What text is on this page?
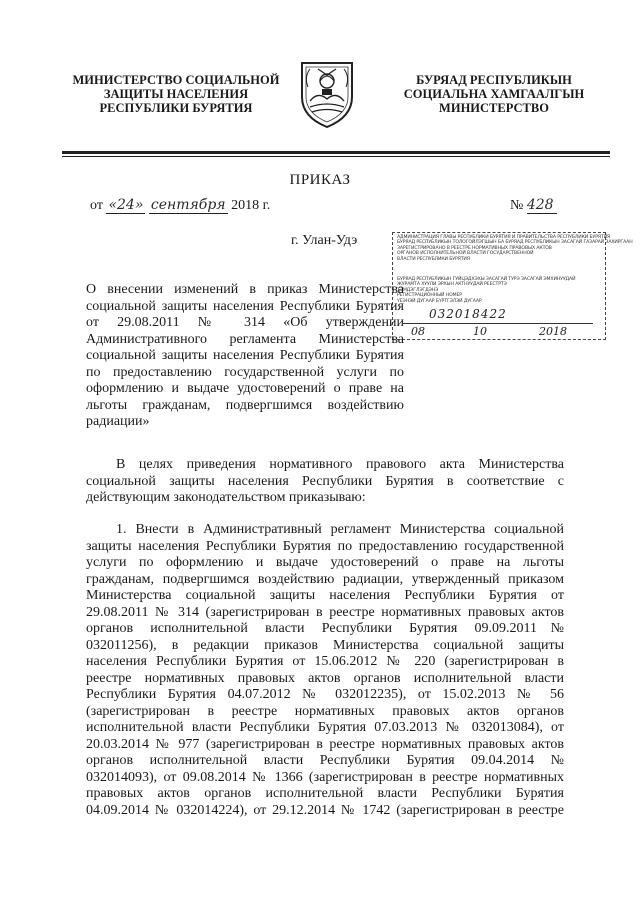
МИНИСТЕРСТВО СОЦИАЛЬНОЙ
ЗАЩИТЫ НАСЕЛЕНИЯ
РЕСПУБЛИКИ БУРЯТИЯ
БУРЯАД РЕСПУБЛИКЫН
СОЦИАЛЬНА ХАМГААЛГЫН
МИНИСТЕРСТВО
ПРИКАЗ
от «24» сентября 2018 г.	№ 428
г. Улан-Удэ	АДМИНИСТРАЦИЯ ГЛАВЫ РЕСПУБЛИКИ БУРЯТИЯ И ПРАВИТЕЛЬСТВА РЕСПУБЛИКИ БУРЯТИЯ
БУРЯАД РЕСПУБЛИКЫН ТОЛОГОЙЛЭГШЫН БА БУРЯАД РЕСПУБЛИКЫН ЗАСАГАЙ ГАЗАРАЙ ЗАХИРГААН
ЗАРЕГИСТРИРОВАНО В РЕЕСТРЕ НОРМАТИВНЫХ ПРАВОВЫХ АКТОВ
ОРГАНОВ ИСПОЛНИТЕЛЬНОЙ ВЛАСТИ ГОСУДАРСТВЕННОЙ
ВЛАСТИ РЕСПУБЛИКИ БУРЯТИЯ
БУРЯАД РЕСПУБЛИКЫН ГУЙЦЭДХЭХЫ ЗАСАГАЙ ТУРЭ ЗАСАГАЙ ЭМХИНУУДАЙ
ЖУРАМТА ХУУЛИ ЭРХЫН АКТНУУДАЙ РЕЕСТРТЭ
ТЭМДЭГЛЭГДЭНЭ
РЕГИСТРАЦИОННЫЙ НОМЕР
ҮЕЭНЭЙ ДУГААР БҮРТГЭЛЭЙ ДУГААР
032018422
08	10	2018
О внесении изменений в приказ Министерства
социальной защиты населения Республики Бурятия
от 29.08.2011 № 314 «Об утверждении
Административного регламента Министерства
социальной защиты населения Республики Бурятия
по предоставлению государственной услуги по
оформлению и выдаче удостоверений о праве на
льготы гражданам, подвергшимся воздействию
радиации»
В целях приведения нормативного правового акта Министерства
социальной защиты населения Республики Бурятия в соответствие с
действующим законодательством приказываю:
1. Внести в Административный регламент Министерства социальной
защиты населения Республики Бурятия по предоставлению государственной
услуги по оформлению и выдаче удостоверений о праве на льготы
гражданам, подвергшимся воздействию радиации, утвержденный приказом
Министерства социальной защиты населения Республики Бурятия от
29.08.2011 № 314 (зарегистрирован в реестре нормативных правовых актов
органов исполнительной власти Республики Бурятия 09.09.2011№
032011256), в редакции приказов Министерства социальной защиты
населения Республики Бурятия от 15.06.2012 № 220 (зарегистрирован в
реестре нормативных правовых актов органов исполнительной власти
Республики Бурятия 04.07.2012 № 032012235), от 15.02.2013 № 56
(зарегистрирован в реестре нормативных правовых актов органов
исполнительной власти Республики Бурятия 07.03.2013 № 032013084), от
20.03.2014 № 977 (зарегистрирован в реестре нормативных правовых актов
органов исполнительной власти Республики Бурятия 09.04.2014 №
032014093), от 09.08.2014 № 1366 (зарегистрирован в реестре нормативных
правовых актов органов исполнительной власти Республики Бурятия
04.09.2014 № 032014224), от 29.12.2014 № 1742 (зарегистрирован в реестре
